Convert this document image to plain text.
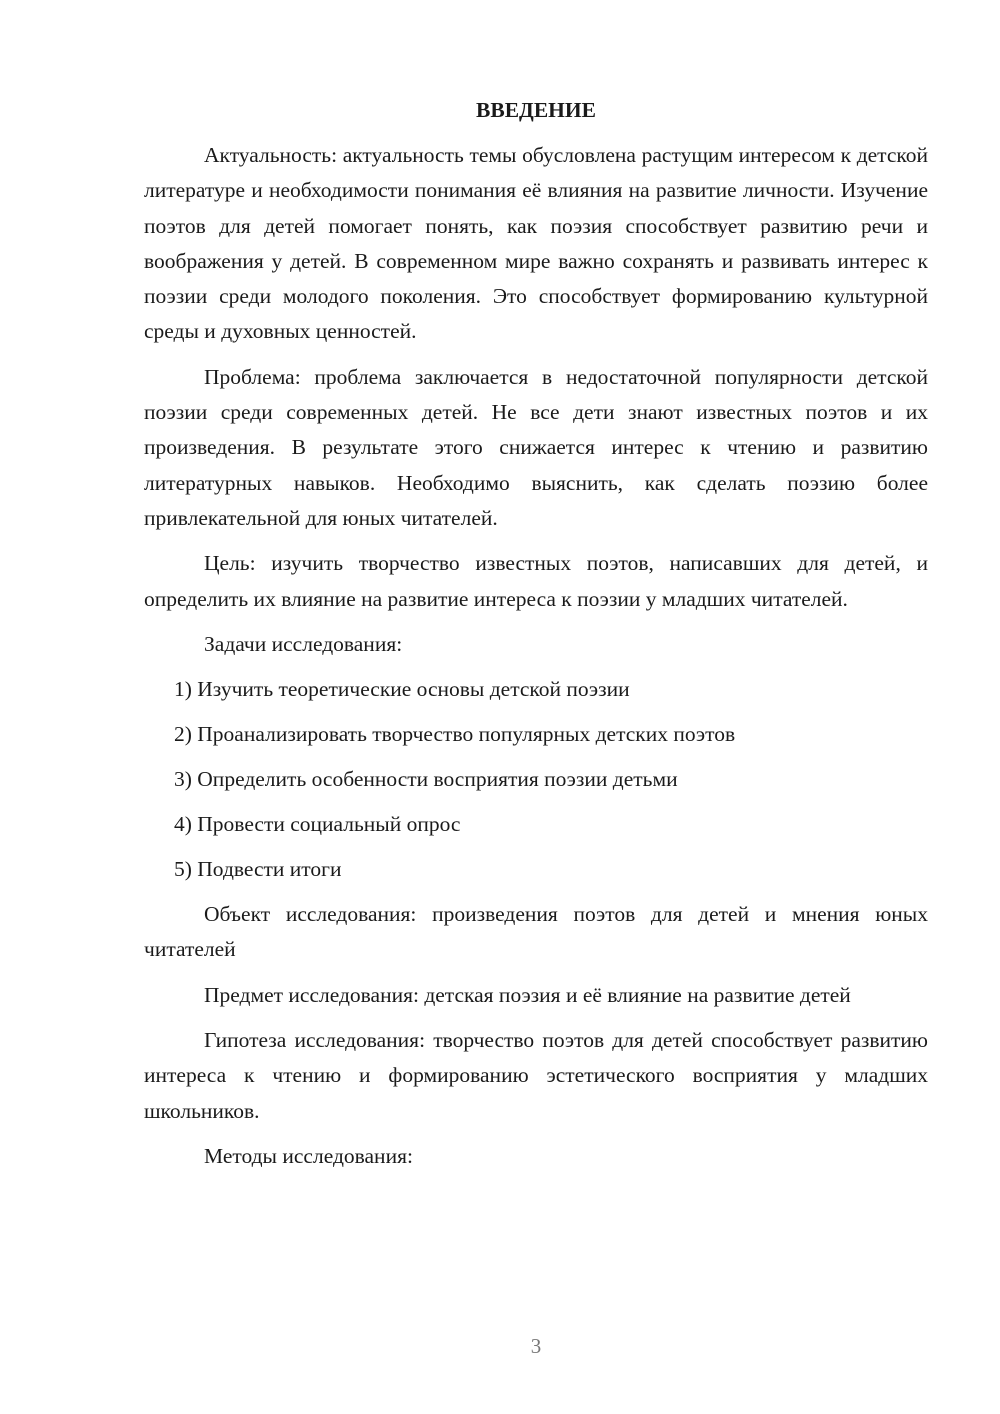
ВВЕДЕНИЕ

Актуальность: актуальность темы обусловлена растущим интересом к детской литературе и необходимости понимания её влияния на развитие личности. Изучение поэтов для детей помогает понять, как поэзия способствует развитию речи и воображения у детей. В современном мире важно сохранять и развивать интерес к поэзии среди молодого поколения. Это способствует формированию культурной среды и духовных ценностей.

Проблема: проблема заключается в недостаточной популярности детской поэзии среди современных детей. Не все дети знают известных поэтов и их произведения. В результате этого снижается интерес к чтению и развитию литературных навыков. Необходимо выяснить, как сделать поэзию более привлекательной для юных читателей.

Цель: изучить творчество известных поэтов, написавших для детей, и определить их влияние на развитие интереса к поэзии у младших читателей.

Задачи исследования:

1) Изучить теоретические основы детской поэзии
2) Проанализировать творчество популярных детских поэтов
3) Определить особенности восприятия поэзии детьми
4) Провести социальный опрос
5) Подвести итоги

Объект исследования: произведения поэтов для детей и мнения юных читателей

Предмет исследования: детская поэзия и её влияние на развитие детей

Гипотеза исследования: творчество поэтов для детей способствует развитию интереса к чтению и формированию эстетического восприятия у младших школьников.

Методы исследования:

3
